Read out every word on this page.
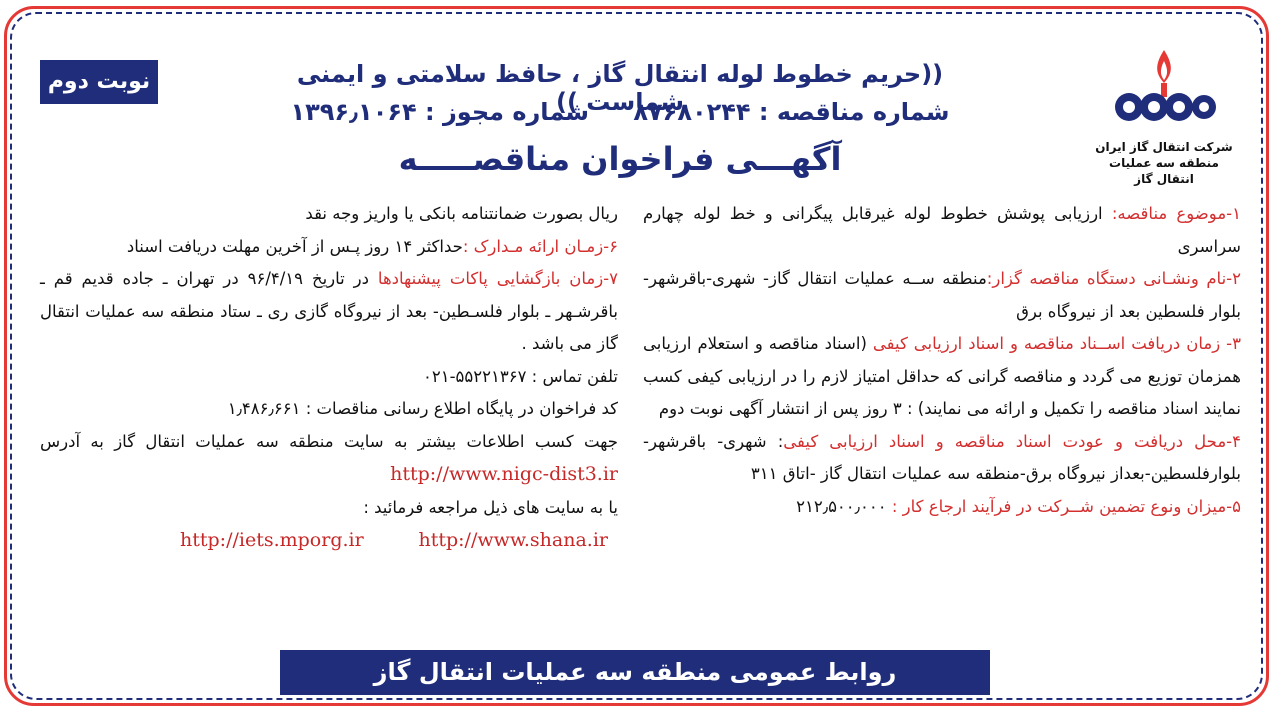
نوبت دوم
شرکت انتقال گاز ایران
منطقه سه عملیات انتقال گاز
((حریم خطوط لوله انتقال گاز ، حافظ سلامتی و ایمنی شماست ))
شماره مناقصه : ۸۷۶۸۰۲۴۴ شماره مجوز : ۱۳۹۶٫۱۰۶۴
آگهـــی فراخوان مناقصـــــه
۱-موضوع مناقصه: ارزیابی پوشش خطوط لوله غیرقابل پیگرانی و خط لوله چهارم سراسری
۲-نام ونشـانی دستگاه مناقصه گزار:منطقه ســه عملیات انتقال گاز- شهری-باقرشهر-بلوار فلسطین بعد از نیروگاه برق
۳- زمان دریافت اســناد مناقصه و اسناد ارزیابی کیفی (اسناد مناقصه و استعلام ارزیابی همزمان توزیع می گردد و مناقصه گرانی که حداقل امتیاز لازم را در ارزیابی کیفی کسب نمایند اسناد مناقصه را تکمیل و ارائه می نمایند) : ۳ روز پس از انتشار آگهی نوبت دوم
۴-محل دریافت و عودت اسناد مناقصه و اسناد ارزیابی کیفی: شهری- باقرشهر-بلوارفلسطین-بعداز نیروگاه برق-منطقه سه عملیات انتقال گاز -اتاق ۳۱۱
۵-میزان ونوع تضمین شــرکت در فرآیند ارجاع کار : ۲۱۲٫۵۰۰٫۰۰۰
ریال بصورت ضمانتنامه بانکی یا واریز وجه نقد
۶-زمـان ارائه مـدارک :حداکثر ۱۴ روز پـس از آخرین مهلت دریافت اسناد
۷-زمان بازگشایی پاکات پیشنهادها در تاریخ ۹۶/۴/۱۹ در تهران ـ جاده قدیم قم ـ باقرشـهر ـ بلوار فلسـطین- بعد از نیروگاه گازی ری ـ ستاد منطقه سه عملیات انتقال گاز می باشد .
تلفن تماس : ۵۵۲۲۱۳۶۷-۰۲۱
کد فراخوان در پایگاه اطلاع رسانی مناقصات : ۱٫۴۸۶٫۶۶۱
جهت کسب اطلاعات بیشتر به سایت منطقه سه عملیات انتقال گاز به آدرس http://www.nigc-dist3.ir
یا به سایت های ذیل مراجعه فرمائید :
http://iets.mporg.ir	http://www.shana.ir
روابط عمومی منطقه سه عملیات انتقال گاز
